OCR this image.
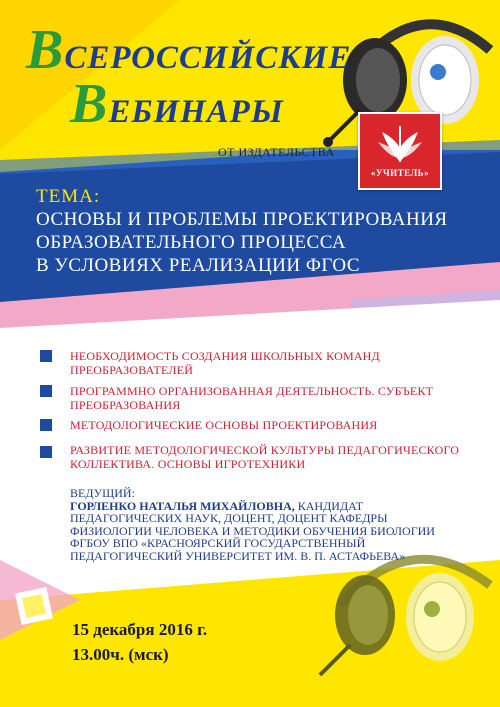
ВСЕРОССИЙСКИЕ
ВЕБИНАРЫ
ОТ ИЗДАТЕЛЬСТВА
«УЧИТЕЛЬ»
ТЕМА:
ОСНОВЫ И ПРОБЛЕМЫ ПРОЕКТИРОВАНИЯ
ОБРАЗОВАТЕЛЬНОГО ПРОЦЕССА
В УСЛОВИЯХ РЕАЛИЗАЦИИ ФГОС
НЕОБХОДИМОСТЬ СОЗДАНИЯ ШКОЛЬНЫХ КОМАНД
ПРЕОБРАЗОВАТЕЛЕЙ
ПРОГРАММНО ОРГАНИЗОВАННАЯ ДЕЯТЕЛЬНОСТЬ. СУБЪЕКТ
ПРЕОБРАЗОВАНИЯ
МЕТОДОЛОГИЧЕСКИЕ ОСНОВЫ ПРОЕКТИРОВАНИЯ
РАЗВИТИЕ МЕТОДОЛОГИЧЕСКОЙ КУЛЬТУРЫ ПЕДАГОГИЧЕСКОГО
КОЛЛЕКТИВА. ОСНОВЫ ИГРОТЕХНИКИ
ВЕДУЩИЙ:
ГОРЛЕНКО НАТАЛЬЯ МИХАЙЛОВНА, КАНДИДАТ
ПЕДАГОГИЧЕСКИХ НАУК, ДОЦЕНТ, ДОЦЕНТ КАФЕДРЫ
ФИЗИОЛОГИИ ЧЕЛОВЕКА И МЕТОДИКИ ОБУЧЕНИЯ БИОЛОГИИ
ФГБОУ ВПО «КРАСНОЯРСКИЙ ГОСУДАРСТВЕННЫЙ
ПЕДАГОГИЧЕСКИЙ УНИВЕРСИТЕТ ИМ. В. П. АСТАФЬЕВА»
15 декабря 2016 г.
13.00ч. (мск)
